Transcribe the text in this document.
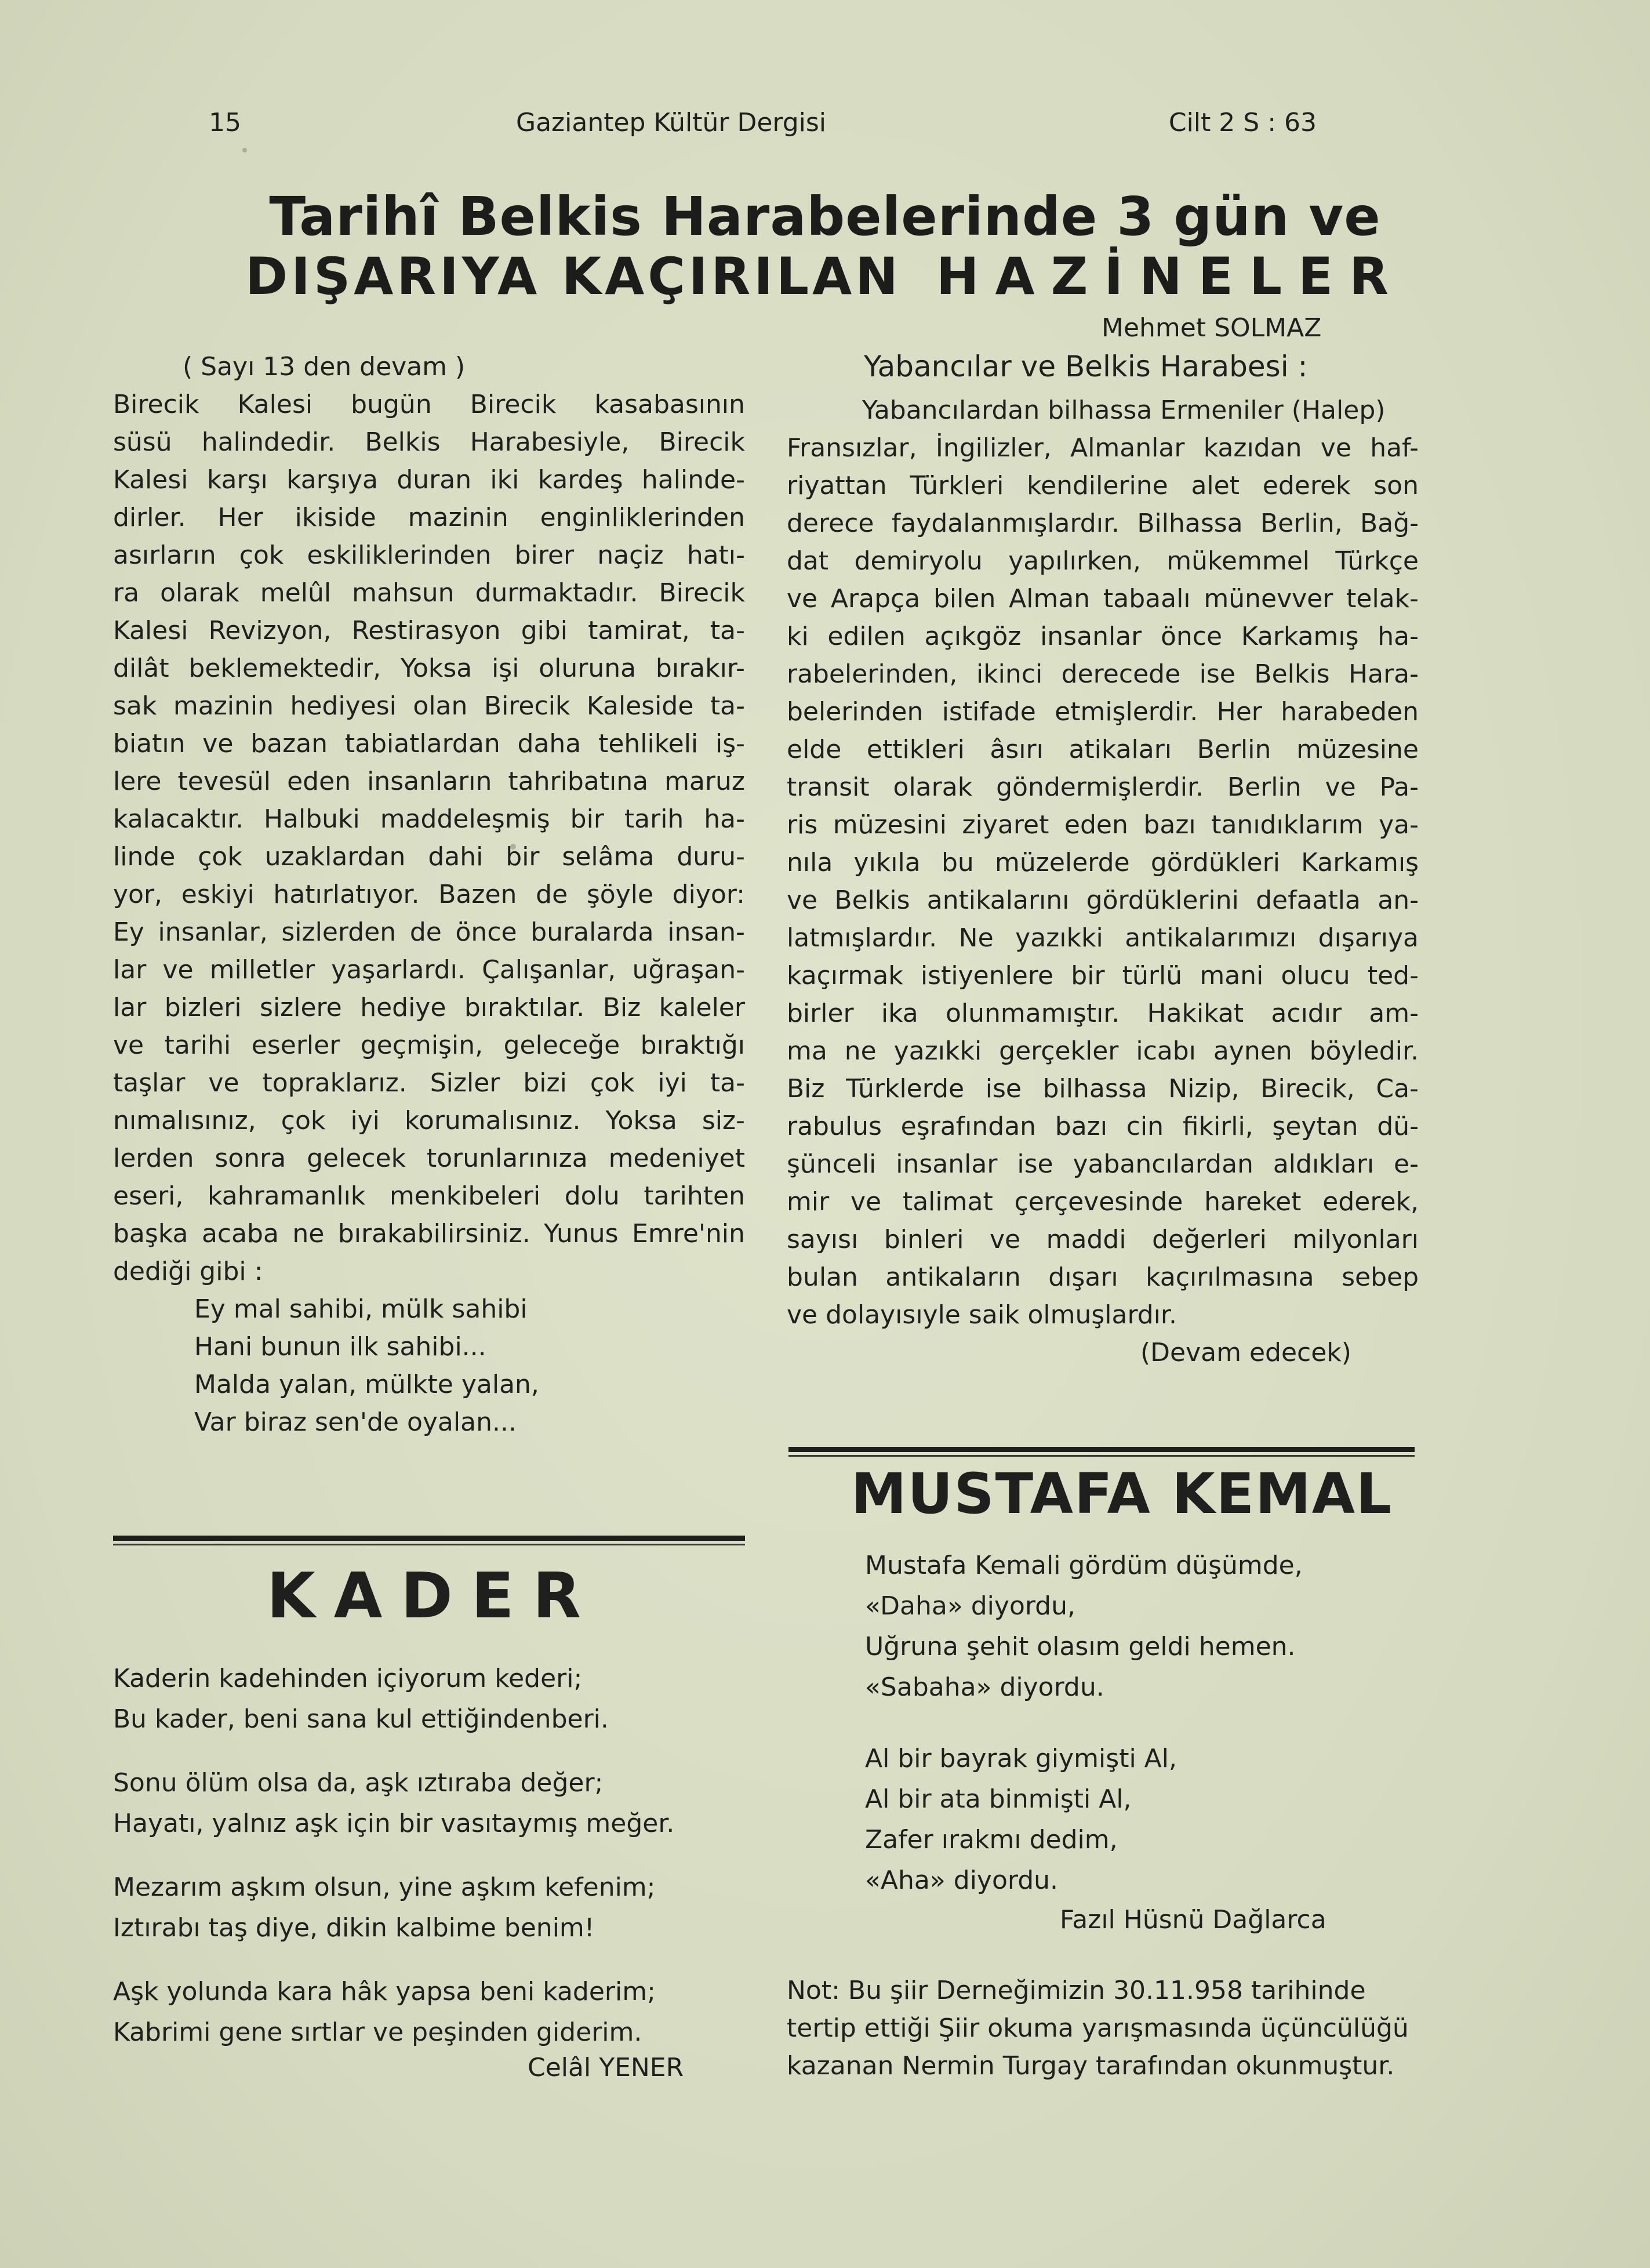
15	Gaziantep Kültür Dergisi	Cilt 2 S : 63
Tarihî Belkis Harabelerinde 3 gün ve
DIŞARIYA KAÇIRILAN HAZİNELER
Mehmet SOLMAZ
Yabancılar ve Belkis Harabesi :
( Sayı 13 den devam )
Birecik Kalesi bugün Birecik kasabasının
süsü halindedir. Belkis Harabesiyle, Birecik
Kalesi karşı karşıya duran iki kardeş halinde-
dirler. Her ikiside mazinin enginliklerinden
asırların çok eskiliklerinden birer naçiz hatı-
ra olarak melûl mahsun durmaktadır. Birecik
Kalesi Revizyon, Restirasyon gibi tamirat, ta-
dilât beklemektedir, Yoksa işi oluruna bırakır-
sak mazinin hediyesi olan Birecik Kaleside ta-
biatın ve bazan tabiatlardan daha tehlikeli iş-
lere tevesül eden insanların tahribatına maruz
kalacaktır. Halbuki maddeleşmiş bir tarih ha-
linde çok uzaklardan dahi bir selâma duru-
yor, eskiyi hatırlatıyor. Bazen de şöyle diyor:
Ey insanlar, sizlerden de önce buralarda insan-
lar ve milletler yaşarlardı. Çalışanlar, uğraşan-
lar bizleri sizlere hediye bıraktılar. Biz kaleler
ve tarihi eserler geçmişin, geleceğe bıraktığı
taşlar ve topraklarız. Sizler bizi çok iyi ta-
nımalısınız, çok iyi korumalısınız. Yoksa siz-
lerden sonra gelecek torunlarınıza medeniyet
eseri, kahramanlık menkibeleri dolu tarihten
başka acaba ne bırakabilirsiniz. Yunus Emre'nin
dediği gibi :
Ey mal sahibi, mülk sahibi
Hani bunun ilk sahibi...
Malda yalan, mülkte yalan,
Var biraz sen'de oyalan...
Yabancılardan bilhassa Ermeniler (Halep)
Fransızlar, İngilizler, Almanlar kazıdan ve haf-
riyattan Türkleri kendilerine alet ederek son
derece faydalanmışlardır. Bilhassa Berlin, Bağ-
dat demiryolu yapılırken, mükemmel Türkçe
ve Arapça bilen Alman tabaalı münevver telak-
ki edilen açıkgöz insanlar önce Karkamış ha-
rabelerinden, ikinci derecede ise Belkis Hara-
belerinden istifade etmişlerdir. Her harabeden
elde ettikleri âsırı atikaları Berlin müzesine
transit olarak göndermişlerdir. Berlin ve Pa-
ris müzesini ziyaret eden bazı tanıdıklarım ya-
nıla yıkıla bu müzelerde gördükleri Karkamış
ve Belkis antikalarını gördüklerini defaatla an-
latmışlardır. Ne yazıkki antikalarımızı dışarıya
kaçırmak istiyenlere bir türlü mani olucu ted-
birler ika olunmamıştır. Hakikat acıdır am-
ma ne yazıkki gerçekler icabı aynen böyledir.
Biz Türklerde ise bilhassa Nizip, Birecik, Ca-
rabulus eşrafından bazı cin fikirli, şeytan dü-
şünceli insanlar ise yabancılardan aldıkları e-
mir ve talimat çerçevesinde hareket ederek,
sayısı binleri ve maddi değerleri milyonları
bulan antikaların dışarı kaçırılmasına sebep
ve dolayısıyle saik olmuşlardır.
(Devam edecek)
KADER
Kaderin kadehinden içiyorum kederi;
Bu kader, beni sana kul ettiğindenberi.
Sonu ölüm olsa da, aşk ıztıraba değer;
Hayatı, yalnız aşk için bir vasıtaymış meğer.
Mezarım aşkım olsun, yine aşkım kefenim;
Iztırabı taş diye, dikin kalbime benim!
Aşk yolunda kara hâk yapsa beni kaderim;
Kabrimi gene sırtlar ve peşinden giderim.
Celâl YENER
MUSTAFA KEMAL
Mustafa Kemali gördüm düşümde,
«Daha» diyordu,
Uğruna şehit olasım geldi hemen.
«Sabaha» diyordu.
Al bir bayrak giymişti Al,
Al bir ata binmişti Al,
Zafer ırakmı dedim,
«Aha» diyordu.
Fazıl Hüsnü Dağlarca
Not: Bu şiir Derneğimizin 30.11.958 tarihinde
tertip ettiği Şiir okuma yarışmasında üçüncülüğü
kazanan Nermin Turgay tarafından okunmuştur.
